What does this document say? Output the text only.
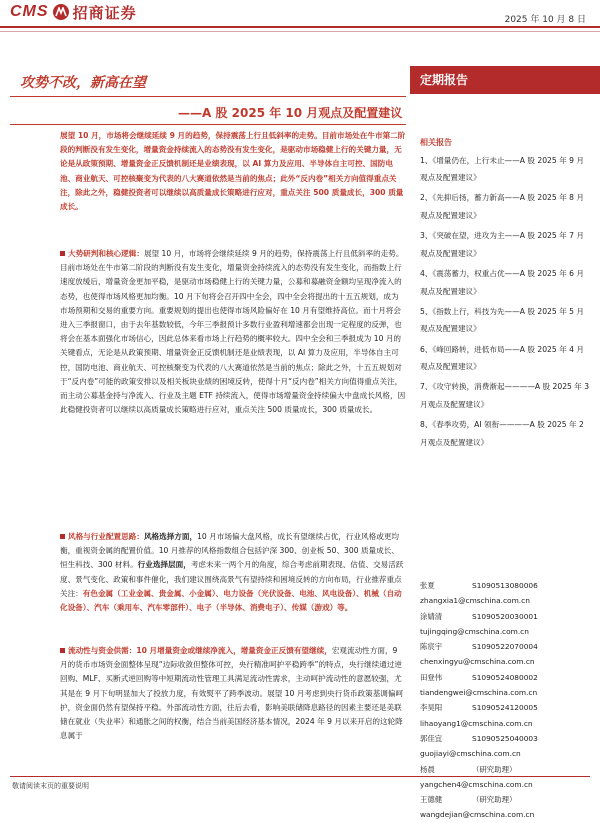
CMS 招商证券	2025 年 10 月 8 日
攻势不改，新高在望
——A 股 2025 年 10 月观点及配置建议
定期报告
展望 10 月，市场将会继续延续 9 月的趋势，保持震荡上行且低斜率的走势。目前市场处在牛市第二阶段的判断没有发生变化，增量资金持续流入的态势没有发生变化，是驱动市场稳健上行的关键力量，无论是从政策预期、增量资金正反馈机制还是业绩表现，以 AI 算力及应用、半导体自主可控、国防电池、商业航天、可控核聚变为代表的八大赛道依然是当前的焦点；此外“反内卷”相关方向值得重点关注，除此之外，稳健投资者可以继续以高质量成长策略进行应对，重点关注 500 质量成长，300 质量成长。
大势研判和核心逻辑：展望 10 月，市场将会继续延续 9 月的趋势，保持震荡上行且低斜率的走势。目前市场处在牛市第二阶段的判断没有发生变化，增量资金持续流入的态势没有发生变化，而指数上行速度放缓后，增量资金更加平稳，是驱动市场稳健上行的关键力量，公募和募融资金额均呈现净流入的态势，也使得市场风格更加均衡。10 月下旬将会召开四中全会，四中全会将提出的十五五规划，成为市场预期和交易的重要方向。重要规划的提出也使得市场风险偏好在 10 月有望维持高位。而十月将会进入三季报窗口，由于去年基数较低，今年三季报预计多数行业盈利增速都会出现一定程度的反弹，也将会在基本面强化市场信心，因此总体来看市场上行趋势的概率较大。四中全会和三季报成为 10 月的关键看点，无论是从政策预期、增量资金正反馈机制还是业绩表现，以 AI 算力及应用，半导体自主可控，国防电池、商业航天、可控核聚变为代表的八大赛道依然是当前的焦点；除此之外，十五五规划对于“反内卷”可能的政策安排以及相关板块业绩的困境反转，使得十月“反内卷”相关方向值得重点关注，而主动公募基金持与净流入、行业及主题 ETF 持续流入，使得市场增量资金持续偏大中盘成长风格，因此稳健投资者可以继续以高质量成长策略进行应对，重点关注 500 质量成长，300 质量成长。
风格与行业配置思路：风格选择方面，10 月市场偏大盘风格，成长有望继续占优，行业风格或更均衡，重视资金属的配置价值。10 月推荐的风格指数组合包括沪深 300、创业板 50、300 质量成长、恒生科技、300 材料。行业选择层面，考虑未来一两个月的角度，综合考虑前期表现、估值、交易活跃度、景气变化、政策和事件催化，我们建议围绕高景气有望持续和困境反转的方向布局，行业推荐重点关注：有色金属（工业金属、贵金属、小金属）、电力设备（光伏设备、电池、风电设备）、机械（自动化设备）、汽车（乘用车、汽车零部件）、电子（半导体、消费电子）、传媒（游戏）等。
流动性与资金供需：10 月增量资金或继续净流入，增量资金正反馈有望继续，宏观流动性方面，9 月的货币市场资金面整体呈现“边际收敛但整体可控，央行精准呵护平稳跨季”的特点，央行继续通过逆回购、MLF、买断式逆回购等中短期流动性管理工具满足流动性需求，主动呵护流动性的意愿较强，尤其是在 9 月下旬明显加大了投放力度，有效熨平了跨季波动。展望 10 月考虑到央行货币政策基调偏呵护，资金面仍然有望保持平稳。外部流动性方面，往后去看，影响美联储降息路径的因素主要还是美联储在就业（失业率）和通胀之间的权衡，结合当前美国经济基本情况，2024 年 9 月以来开启的这轮降息属于
相关报告
1、《增量仍在，上行未止——A 股 2025 年 9 月观点及配置建议》
2、《先抑后扬，蓄力新高——A 股 2025 年 8 月观点及配置建议》
3、《突破在望，进攻为主——A 股 2025 年 7 月观点及配置建议》
4、《震荡蓄力，权重占优——A 股 2025 年 6 月观点及配置建议》
5、《指数上行，科技为先——A 股 2025 年 5 月观点及配置建议》
6、《峰回路转，进低布局——A 股 2025 年 4 月观点及配置建议》
7、《攻守转换，消费渐起————A 股 2025 年 3 月观点及配置建议》
8、《春季攻势，AI 领衔————A 股 2025 年 2 月观点及配置建议》
张夏	S1090513080006
zhangxia1@cmschina.com.cn
涂婧清	S1090520030001
tujingqing@cmschina.com.cn
陈宸宇	S1090522070004
chenxingyu@cmschina.com.cn
田登伟	S1090524080002
tiandengwei@cmschina.com.cn
李昊阳	S1090524120005
lihaoyang1@cmschina.com.cn
郭佳宜	S1090525040003
guojiayi@cmschina.com.cn
杨晨	（研究助理）
yangchen4@cmschina.com.cn
王德健	（研究助理）
wangdejian@cmschina.com.cn
敬请阅读末页的重要说明
